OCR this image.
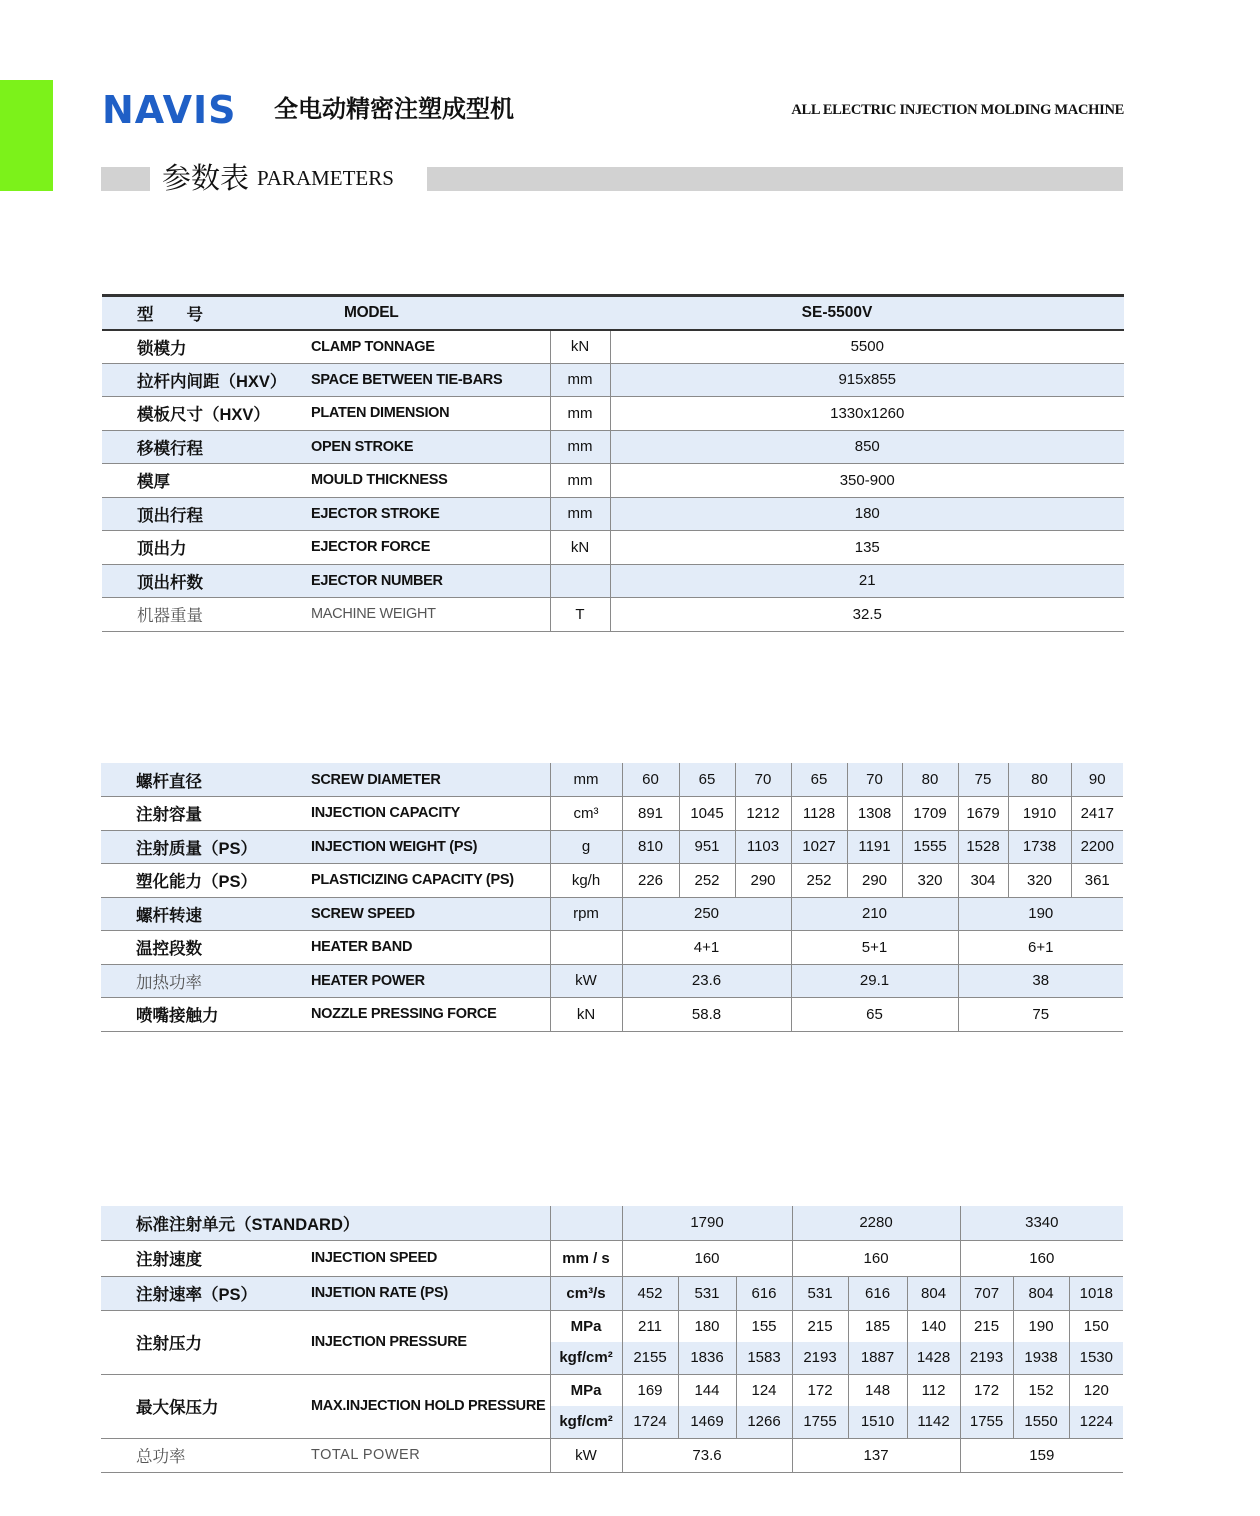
NAVIS 全电动精密注塑成型机	ALL ELECTRIC INJECTION MOLDING MACHINE
参数表 PARAMETERS
型　　号	MODEL	SE-5500V	
锁模力	CLAMP TONNAGE	kN	5500
拉杆内间距（HXV）	SPACE BETWEEN TIE-BARS	mm	915x855
模板尺寸（HXV）	PLATEN DIMENSION	mm	1330x1260
移模行程	OPEN STROKE	mm	850
模厚	MOULD THICKNESS	mm	350-900
顶出行程	EJECTOR STROKE	mm	180
顶出力	EJECTOR FORCE	kN	135
顶出杆数	EJECTOR NUMBER		21
机器重量	MACHINE WEIGHT	T	32.5
螺杆直径	SCREW DIAMETER	mm	60	65	70	65	70	80	75	80	90
注射容量	INJECTION CAPACITY	cm³	891	1045	1212	1128	1308	1709	1679	1910	2417
注射质量（PS）	INJECTION WEIGHT (PS)	g	810	951	1103	1027	1191	1555	1528	1738	2200
塑化能力（PS）	PLASTICIZING CAPACITY (PS)	kg/h	226	252	290	252	290	320	304	320	361
螺杆转速	SCREW SPEED	rpm	250			210			190		
温控段数	HEATER BAND		4+1			5+1			6+1		
加热功率	HEATER POWER	kW	23.6			29.1			38		
喷嘴接触力	NOZZLE PRESSING FORCE	kN	58.8			65			75		
标准注射单元（STANDARD）			1790			2280			3340		
注射速度	INJECTION SPEED	mm / s	160			160			160		
注射速率（PS）	INJETION RATE (PS)	cm³/s	452	531	616	531	616	804	707	804	1018
注射压力	INJECTION PRESSURE	MPa	211	180	155	215	185	140	215	190	150
		kgf/cm²	2155	1836	1583	2193	1887	1428	2193	1938	1530
最大保压力	MAX.INJECTION HOLD PRESSURE	MPa	169	144	124	172	148	112	172	152	120
		kgf/cm²	1724	1469	1266	1755	1510	1142	1755	1550	1224
总功率	TOTAL POWER	kW	73.6			137			159		
